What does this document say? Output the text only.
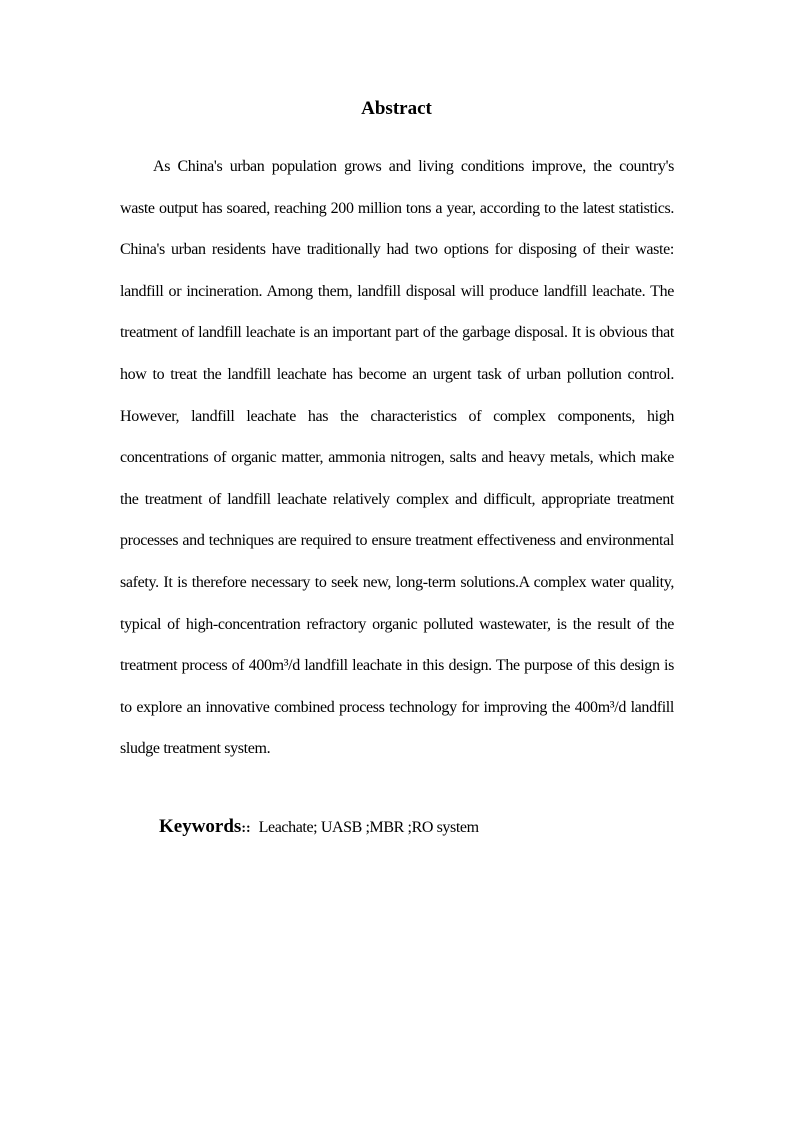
Abstract

As China's urban population grows and living conditions improve, the country's waste output has soared, reaching 200 million tons a year, according to the latest statistics. China's urban residents have traditionally had two options for disposing of their waste: landfill or incineration. Among them, landfill disposal will produce landfill leachate. The treatment of landfill leachate is an important part of the garbage disposal. It is obvious that how to treat the landfill leachate has become an urgent task of urban pollution control. However, landfill leachate has the characteristics of complex components, high concentrations of organic matter, ammonia nitrogen, salts and heavy metals, which make the treatment of landfill leachate relatively complex and difficult, appropriate treatment processes and techniques are required to ensure treatment effectiveness and environmental safety. It is therefore necessary to seek new, long-term solutions.A complex water quality, typical of high-concentration refractory organic polluted wastewater, is the result of the treatment process of 400m³/d landfill leachate in this design. The purpose of this design is to explore an innovative combined process technology for improving the 400m³/d landfill sludge treatment system.

Keywords:: Leachate; UASB ;MBR ;RO system
